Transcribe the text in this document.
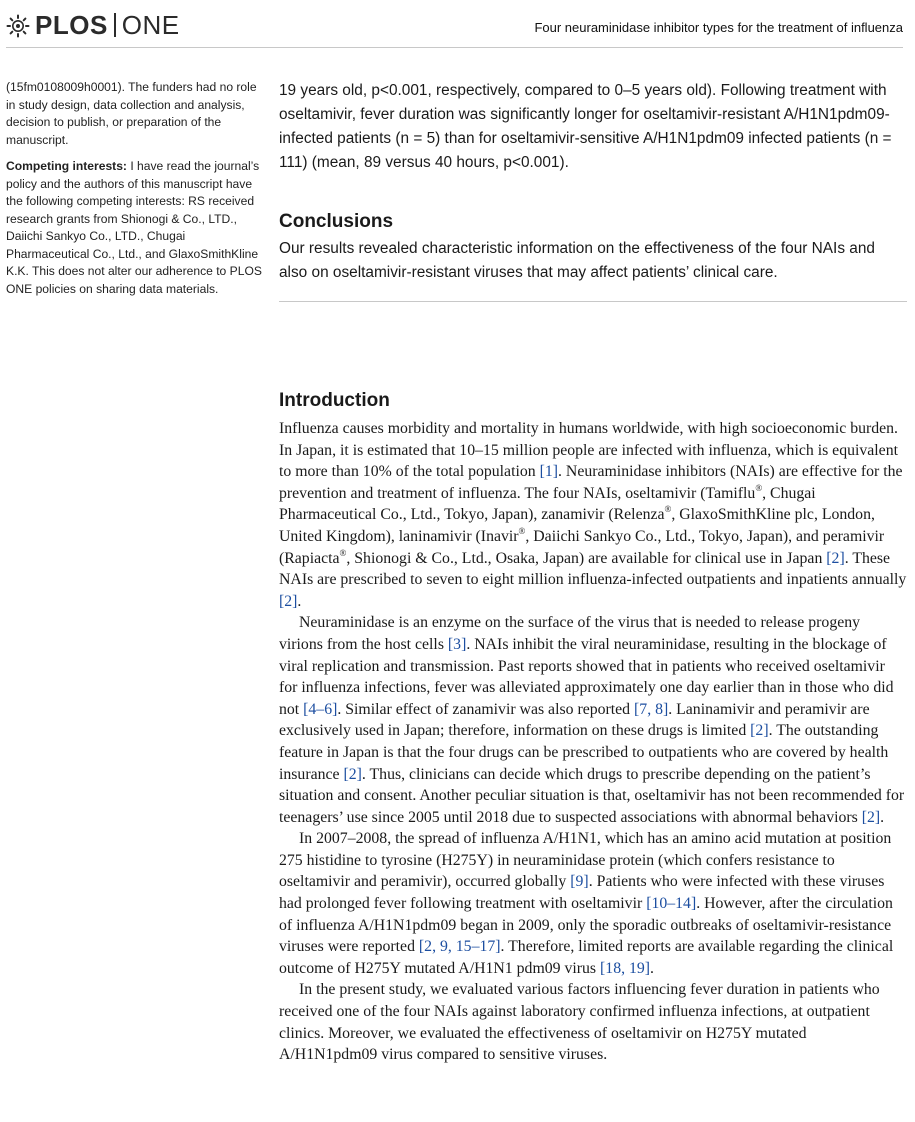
PLOS ONE	Four neuraminidase inhibitor types for the treatment of influenza

(15fm0108009h0001). The funders had no role in study design, data collection and analysis, decision to publish, or preparation of the manuscript.

Competing interests: I have read the journal’s policy and the authors of this manuscript have the following competing interests: RS received research grants from Shionogi & Co., LTD., Daiichi Sankyo Co., LTD., Chugai Pharmaceutical Co., Ltd., and GlaxoSmithKline K.K. This does not alter our adherence to PLOS ONE policies on sharing data materials.

19 years old, p<0.001, respectively, compared to 0–5 years old). Following treatment with oseltamivir, fever duration was significantly longer for oseltamivir-resistant A/H1N1pdm09-infected patients (n = 5) than for oseltamivir-sensitive A/H1N1pdm09 infected patients (n = 111) (mean, 89 versus 40 hours, p<0.001).

Conclusions

Our results revealed characteristic information on the effectiveness of the four NAIs and also on oseltamivir-resistant viruses that may affect patients’ clinical care.

Introduction

Influenza causes morbidity and mortality in humans worldwide, with high socioeconomic burden. In Japan, it is estimated that 10–15 million people are infected with influenza, which is equivalent to more than 10% of the total population [1]. Neuraminidase inhibitors (NAIs) are effective for the prevention and treatment of influenza. The four NAIs, oseltamivir (Tamiflu®, Chugai Pharmaceutical Co., Ltd., Tokyo, Japan), zanamivir (Relenza®, GlaxoSmithKline plc, London, United Kingdom), laninamivir (Inavir®, Daiichi Sankyo Co., Ltd., Tokyo, Japan), and peramivir (Rapiacta®, Shionogi & Co., Ltd., Osaka, Japan) are available for clinical use in Japan [2]. These NAIs are prescribed to seven to eight million influenza-infected outpatients and inpatients annually [2].

Neuraminidase is an enzyme on the surface of the virus that is needed to release progeny virions from the host cells [3]. NAIs inhibit the viral neuraminidase, resulting in the blockage of viral replication and transmission. Past reports showed that in patients who received oseltamivir for influenza infections, fever was alleviated approximately one day earlier than in those who did not [4–6]. Similar effect of zanamivir was also reported [7, 8]. Laninamivir and peramivir are exclusively used in Japan; therefore, information on these drugs is limited [2]. The outstanding feature in Japan is that the four drugs can be prescribed to outpatients who are covered by health insurance [2]. Thus, clinicians can decide which drugs to prescribe depending on the patient’s situation and consent. Another peculiar situation is that, oseltamivir has not been recommended for teenagers’ use since 2005 until 2018 due to suspected associations with abnormal behaviors [2].

In 2007–2008, the spread of influenza A/H1N1, which has an amino acid mutation at position 275 histidine to tyrosine (H275Y) in neuraminidase protein (which confers resistance to oseltamivir and peramivir), occurred globally [9]. Patients who were infected with these viruses had prolonged fever following treatment with oseltamivir [10–14]. However, after the circulation of influenza A/H1N1pdm09 began in 2009, only the sporadic outbreaks of oseltamivir-resistance viruses were reported [2, 9, 15–17]. Therefore, limited reports are available regarding the clinical outcome of H275Y mutated A/H1N1 pdm09 virus [18, 19].

In the present study, we evaluated various factors influencing fever duration in patients who received one of the four NAIs against laboratory confirmed influenza infections, at outpatient clinics. Moreover, we evaluated the effectiveness of oseltamivir on H275Y mutated A/H1N1pdm09 virus compared to sensitive viruses.
